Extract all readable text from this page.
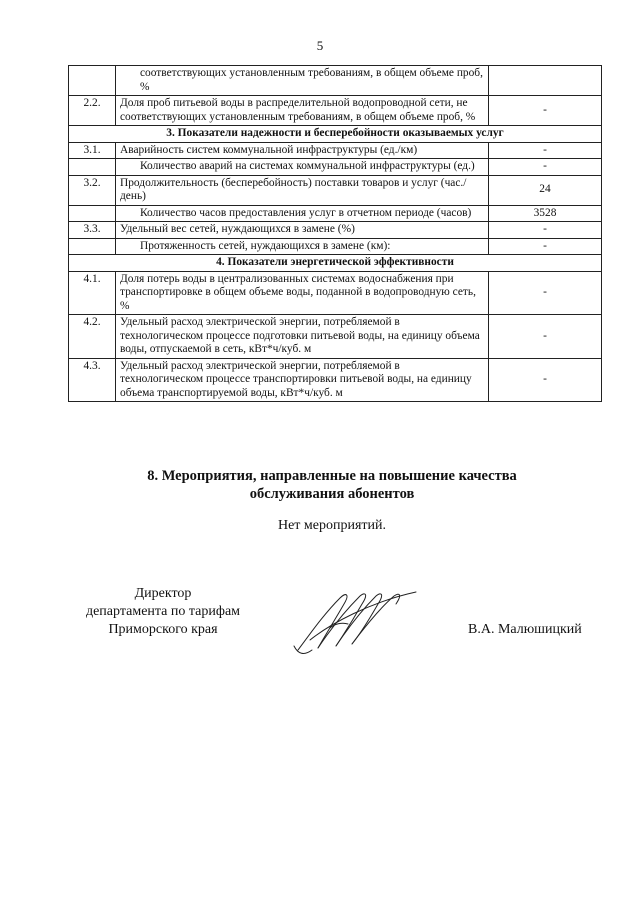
5
	соответствующих установленным требованиям, в общем объеме проб, %	
2.2.	Доля проб питьевой воды в распределительной водопроводной сети, не соответствующих установленным требованиям, в общем объеме проб, %	-
3. Показатели надежности и бесперебойности оказываемых услуг		
3.1.	Аварийность систем коммунальной инфраструктуры (ед./км)	-
	Количество аварий на системах коммунальной инфраструктуры (ед.)	-
3.2.	Продолжительность (бесперебойность) поставки товаров и услуг (час./день)	24
	Количество часов предоставления услуг в отчетном периоде (часов)	3528
3.3.	Удельный вес сетей, нуждающихся в замене (%)	-
	Протяженность сетей, нуждающихся в замене (км):	-
4. Показатели энергетической эффективности		
4.1.	Доля потерь воды в централизованных системах водоснабжения при транспортировке в общем объеме воды, поданной в водопроводную сеть, %	-
4.2.	Удельный расход электрической энергии, потребляемой в технологическом процессе подготовки питьевой воды, на единицу объема воды, отпускаемой в сеть, кВт*ч/куб. м	-
4.3.	Удельный расход электрической энергии, потребляемой в технологическом процессе транспортировки питьевой воды, на единицу объема транспортируемой воды, кВт*ч/куб. м	-
8. Мероприятия, направленные на повышение качества
обслуживания абонентов
Нет мероприятий.
Директор
департамента по тарифам
Приморского края	В.А. Малюшицкий
